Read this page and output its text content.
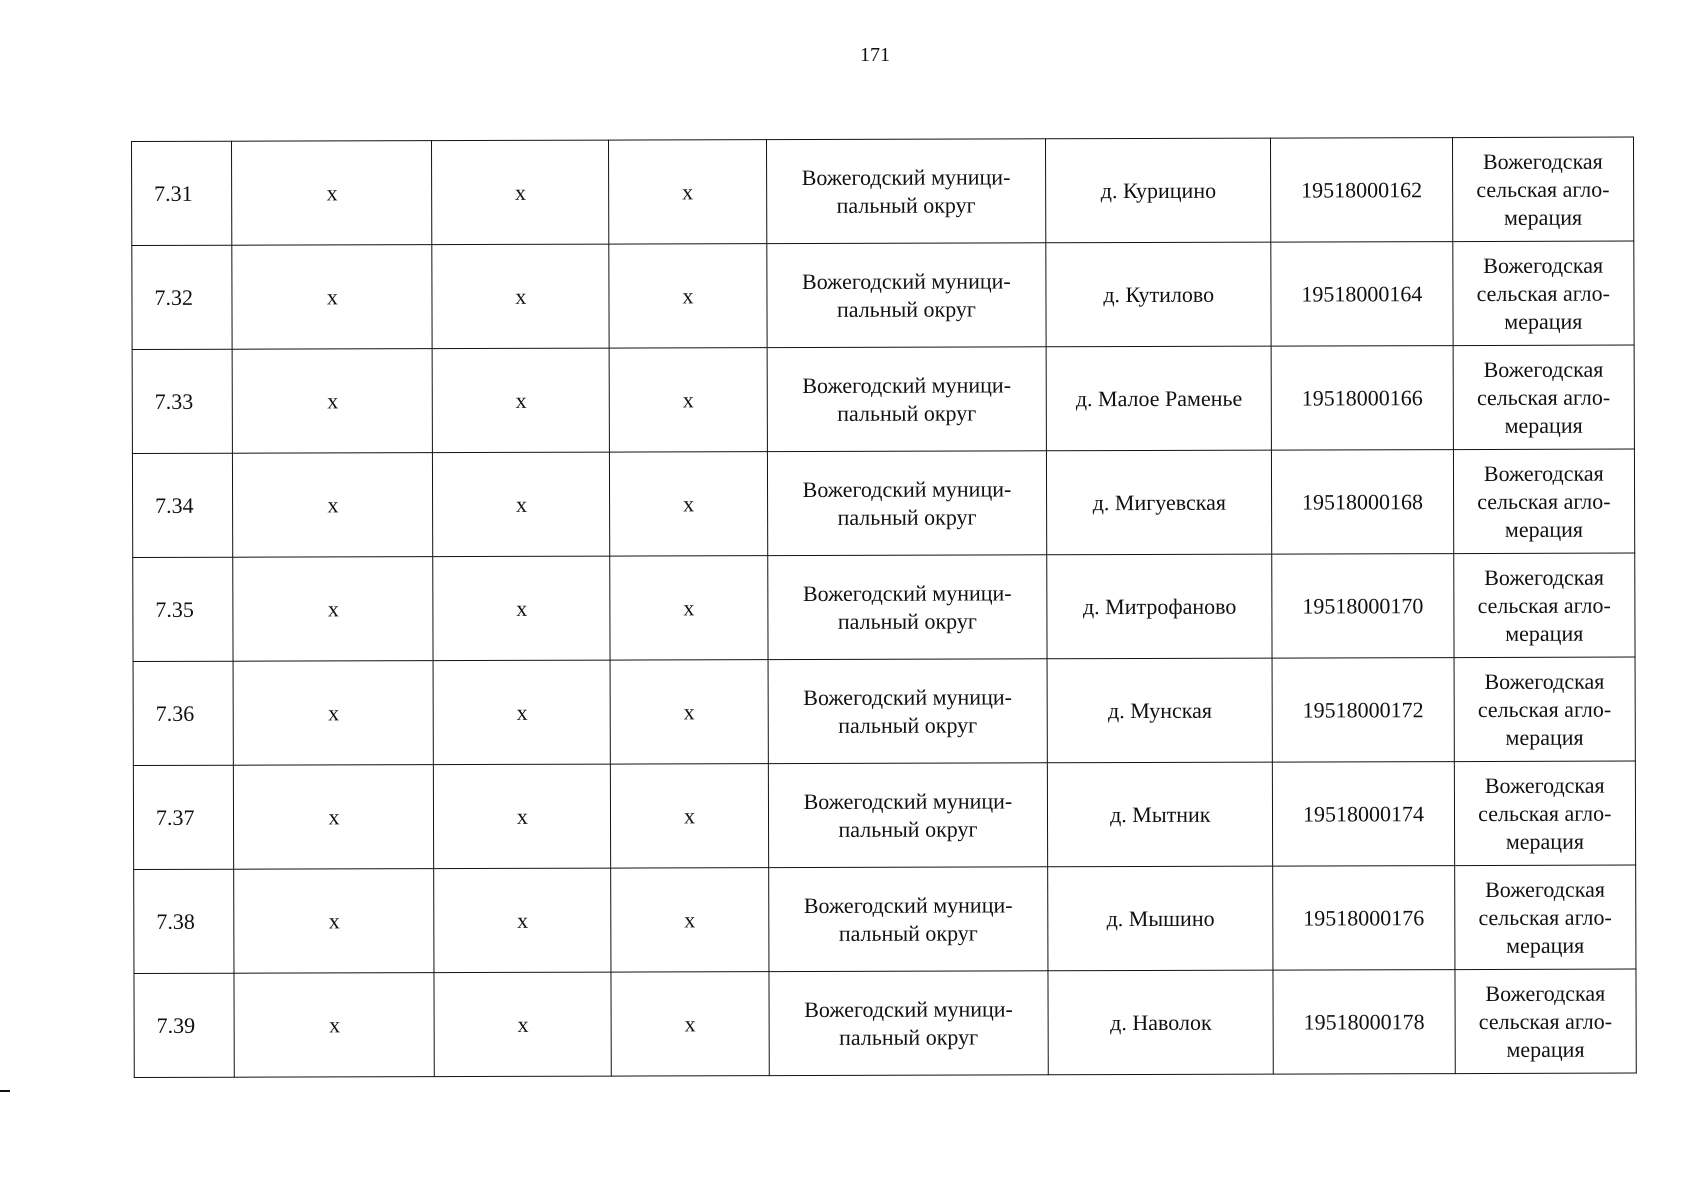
171
7.31	х	х	х	Вожегодский муници-
пальный округ	д. Курицино	19518000162	Вожегодская
сельская агло-
мерация
7.32	х	х	х	Вожегодский муници-
пальный округ	д. Кутилово	19518000164	Вожегодская
сельская агло-
мерация
7.33	х	х	х	Вожегодский муници-
пальный округ	д. Малое Раменье	19518000166	Вожегодская
сельская агло-
мерация
7.34	х	х	х	Вожегодский муници-
пальный округ	д. Мигуевская	19518000168	Вожегодская
сельская агло-
мерация
7.35	х	х	х	Вожегодский муници-
пальный округ	д. Митрофаново	19518000170	Вожегодская
сельская агло-
мерация
7.36	х	х	х	Вожегодский муници-
пальный округ	д. Мунская	19518000172	Вожегодская
сельская агло-
мерация
7.37	х	х	х	Вожегодский муници-
пальный округ	д. Мытник	19518000174	Вожегодская
сельская агло-
мерация
7.38	х	х	х	Вожегодский муници-
пальный округ	д. Мышино	19518000176	Вожегодская
сельская агло-
мерация
7.39	х	х	х	Вожегодский муници-
пальный округ	д. Наволок	19518000178	Вожегодская
сельская агло-
мерация
